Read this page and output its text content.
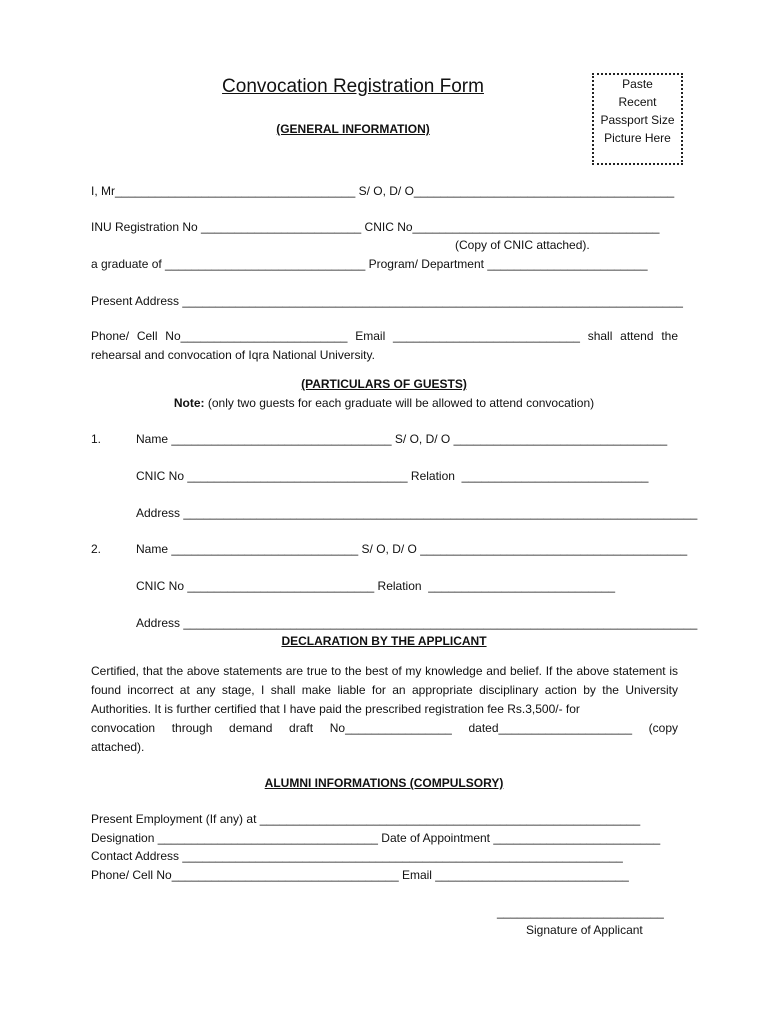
Convocation Registration Form	Paste
Recent
Passport Size
Picture Here
(GENERAL INFORMATION)
I, Mr____________________________________ S/ O, D/ O_______________________________________
INU Registration No ________________________ CNIC No_____________________________________
(Copy of CNIC attached).
a graduate of ______________________________ Program/ Department ________________________
Present Address ___________________________________________________________________________
Phone/ Cell No_________________________ Email ____________________________ shall attend the
rehearsal and convocation of Iqra National University.
(PARTICULARS OF GUESTS)
Note: (only two guests for each graduate will be allowed to attend convocation)
1.	Name _________________________________ S/ O, D/ O ________________________________
CNIC No _________________________________ Relation  ____________________________
Address _____________________________________________________________________________
2.	Name ____________________________ S/ O, D/ O ________________________________________
CNIC No ____________________________ Relation  ____________________________
Address _____________________________________________________________________________
DECLARATION BY THE APPLICANT
Certified, that the above statements are true to the best of my knowledge and belief. If the above statement is found incorrect at any stage, I shall make liable for an appropriate disciplinary action by the University Authorities. It is further certified that I have paid the prescribed registration fee Rs.3,500/- for
convocation through demand draft No________________ dated____________________ (copy
attached).
ALUMNI INFORMATIONS (COMPULSORY)
Present Employment (If any) at _________________________________________________________
Designation _________________________________ Date of Appointment _________________________
Contact Address __________________________________________________________________
Phone/ Cell No__________________________________ Email _____________________________
_________________________
Signature of Applicant
